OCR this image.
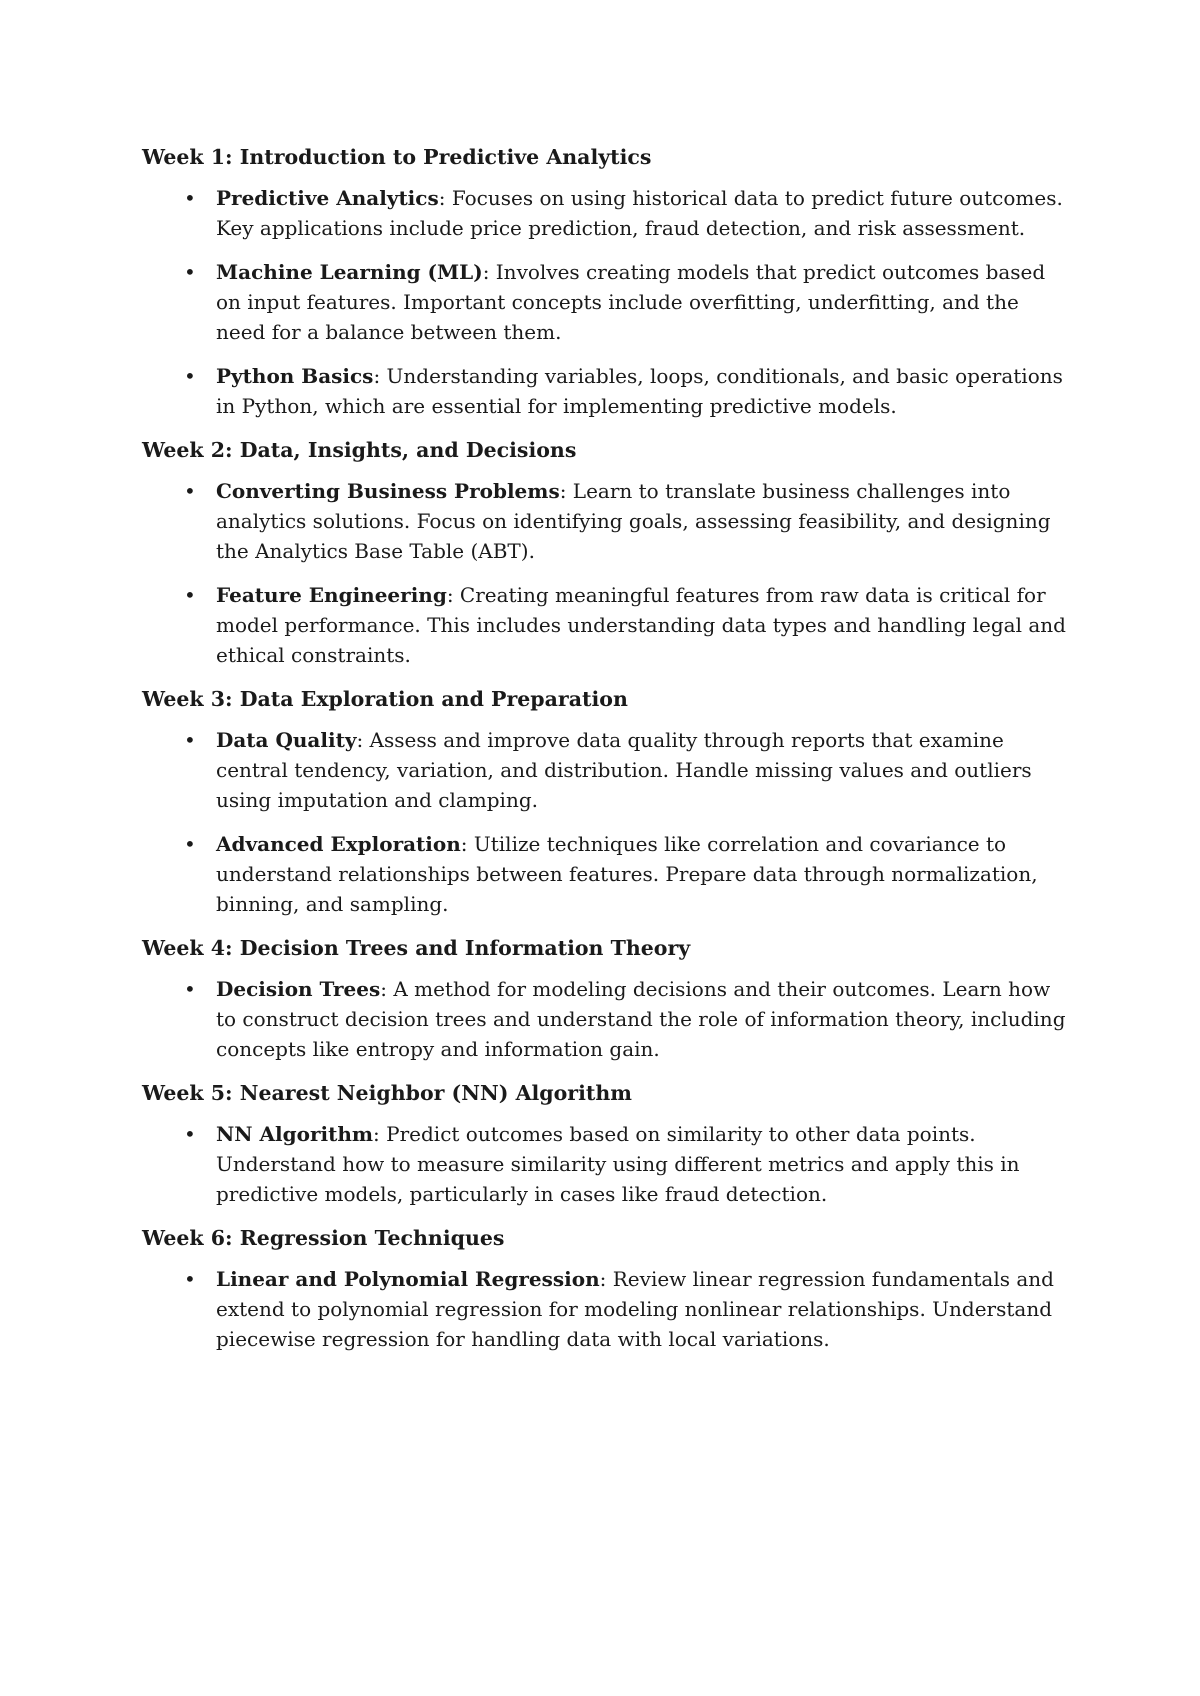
Week 1: Introduction to Predictive Analytics
• Predictive Analytics: Focuses on using historical data to predict future outcomes. Key applications include price prediction, fraud detection, and risk assessment.
• Machine Learning (ML): Involves creating models that predict outcomes based on input features. Important concepts include overfitting, underfitting, and the need for a balance between them.
• Python Basics: Understanding variables, loops, conditionals, and basic operations in Python, which are essential for implementing predictive models.
Week 2: Data, Insights, and Decisions
• Converting Business Problems: Learn to translate business challenges into analytics solutions. Focus on identifying goals, assessing feasibility, and designing the Analytics Base Table (ABT).
• Feature Engineering: Creating meaningful features from raw data is critical for model performance. This includes understanding data types and handling legal and ethical constraints.
Week 3: Data Exploration and Preparation
• Data Quality: Assess and improve data quality through reports that examine central tendency, variation, and distribution. Handle missing values and outliers using imputation and clamping.
• Advanced Exploration: Utilize techniques like correlation and covariance to understand relationships between features. Prepare data through normalization, binning, and sampling.
Week 4: Decision Trees and Information Theory
• Decision Trees: A method for modeling decisions and their outcomes. Learn how to construct decision trees and understand the role of information theory, including concepts like entropy and information gain.
Week 5: Nearest Neighbor (NN) Algorithm
• NN Algorithm: Predict outcomes based on similarity to other data points. Understand how to measure similarity using different metrics and apply this in predictive models, particularly in cases like fraud detection.
Week 6: Regression Techniques
• Linear and Polynomial Regression: Review linear regression fundamentals and extend to polynomial regression for modeling nonlinear relationships. Understand piecewise regression for handling data with local variations.
